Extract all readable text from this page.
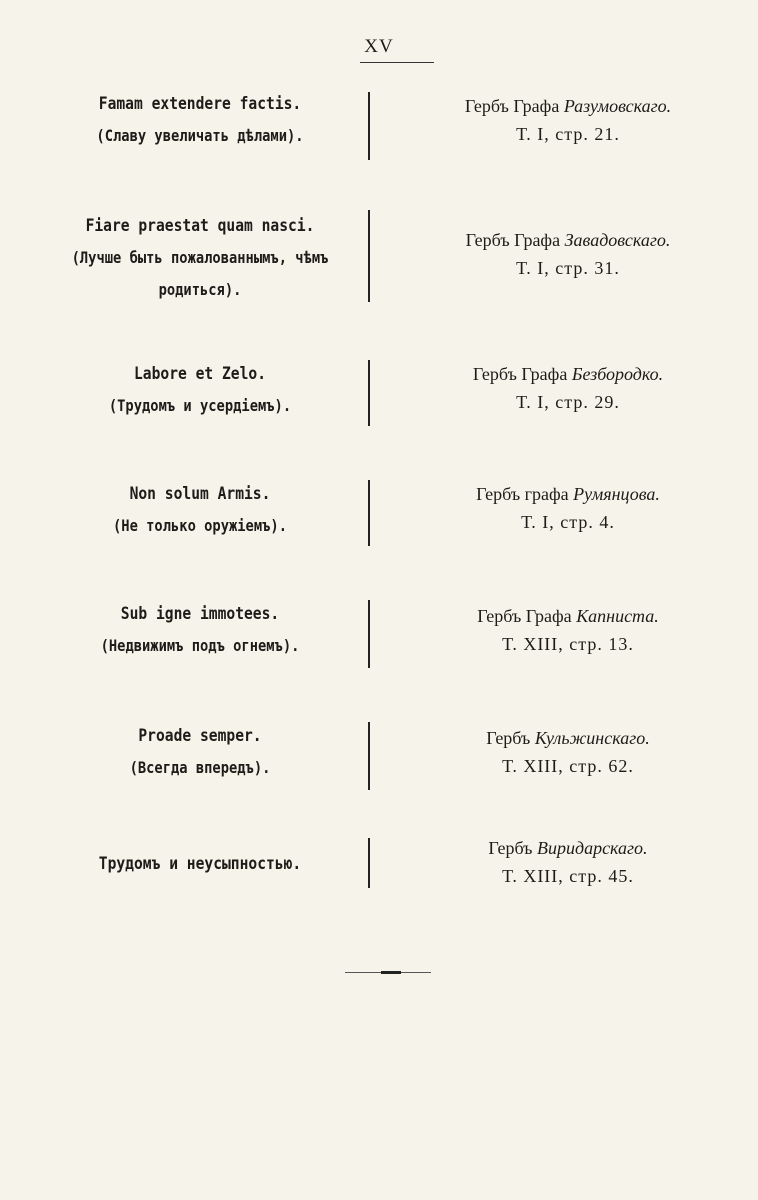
XV
Famam extendere factis.
(Славу увеличать дѣлами).
Гербъ Графа Разумовскаго.
Т. I, стр. 21.
Fiare praestat quam nasci.
(Лучше быть пожалованнымъ, чѣмъ
родиться).
Гербъ Графа Завадовскаго.
Т. I, стр. 31.
Labore et Zelo.
(Трудомъ и усердiемъ).
Гербъ Графа Безбородко.
Т. I, стр. 29.
Non solum Armis.
(Не только оружiемъ).
Гербъ графа Румянцова.
Т. I, стр. 4.
Sub igne immotees.
(Недвижимъ подъ огнемъ).
Гербъ Графа Капниста.
Т. XIII, стр. 13.
Proade semper.
(Всегда впередъ).
Гербъ Кульжинскаго.
Т. XIII, стр. 62.
Трудомъ и неусыпностью.
Гербъ Виридарскаго.
Т. XIII, стр. 45.
